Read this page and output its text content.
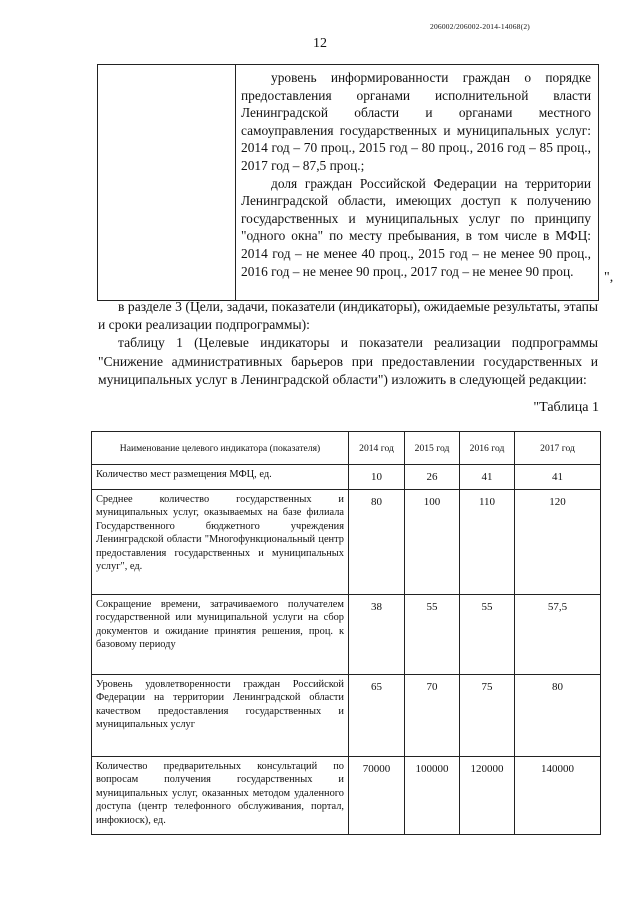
206002/206002-2014-14068(2)
12

уровень информированности граждан о порядке предоставления органами исполнительной власти Ленинградской области и органами местного самоуправления государственных и муниципальных услуг: 2014 год – 70 проц., 2015 год – 80 проц., 2016 год – 85 проц., 2017 год – 87,5 проц.;

доля граждан Российской Федерации на территории Ленинградской области, имеющих доступ к получению государственных и муниципальных услуг по принципу "одного окна" по месту пребывания, в том числе в МФЦ: 2014 год – не менее 40 проц., 2015 год – не менее 90 проц., 2016 год – не менее 90 проц., 2017 год – не менее 90 проц.	",

в разделе 3 (Цели, задачи, показатели (индикаторы), ожидаемые результаты, этапы и сроки реализации подпрограммы):

таблицу 1 (Целевые индикаторы и показатели реализации подпрограммы "Снижение административных барьеров при предоставлении государственных и муниципальных услуг в Ленинградской области") изложить в следующей редакции:

"Таблица 1
Наименование целевого индикатора (показателя)	2014 год	2015 год	2016 год	2017 год
Количество мест размещения МФЦ, ед.	10	26	41	41
Среднее количество государственных и муниципальных услуг, оказываемых на базе филиала Государственного бюджетного учреждения Ленинградской области "Многофункциональный центр предоставления государственных и муниципальных услуг", ед.	80	100	110	120
Сокращение времени, затрачиваемого получателем государственной или муниципальной услуги на сбор документов и ожидание принятия решения, проц. к базовому периоду	38	55	55	57,5
Уровень удовлетворенности граждан Российской Федерации на территории Ленинградской области качеством предоставления государственных и муниципальных услуг	65	70	75	80
Количество предварительных консультаций по вопросам получения государственных и муниципальных услуг, оказанных методом удаленного доступа (центр телефонного обслуживания, портал, инфокиоск), ед.	70000	100000	120000	140000
